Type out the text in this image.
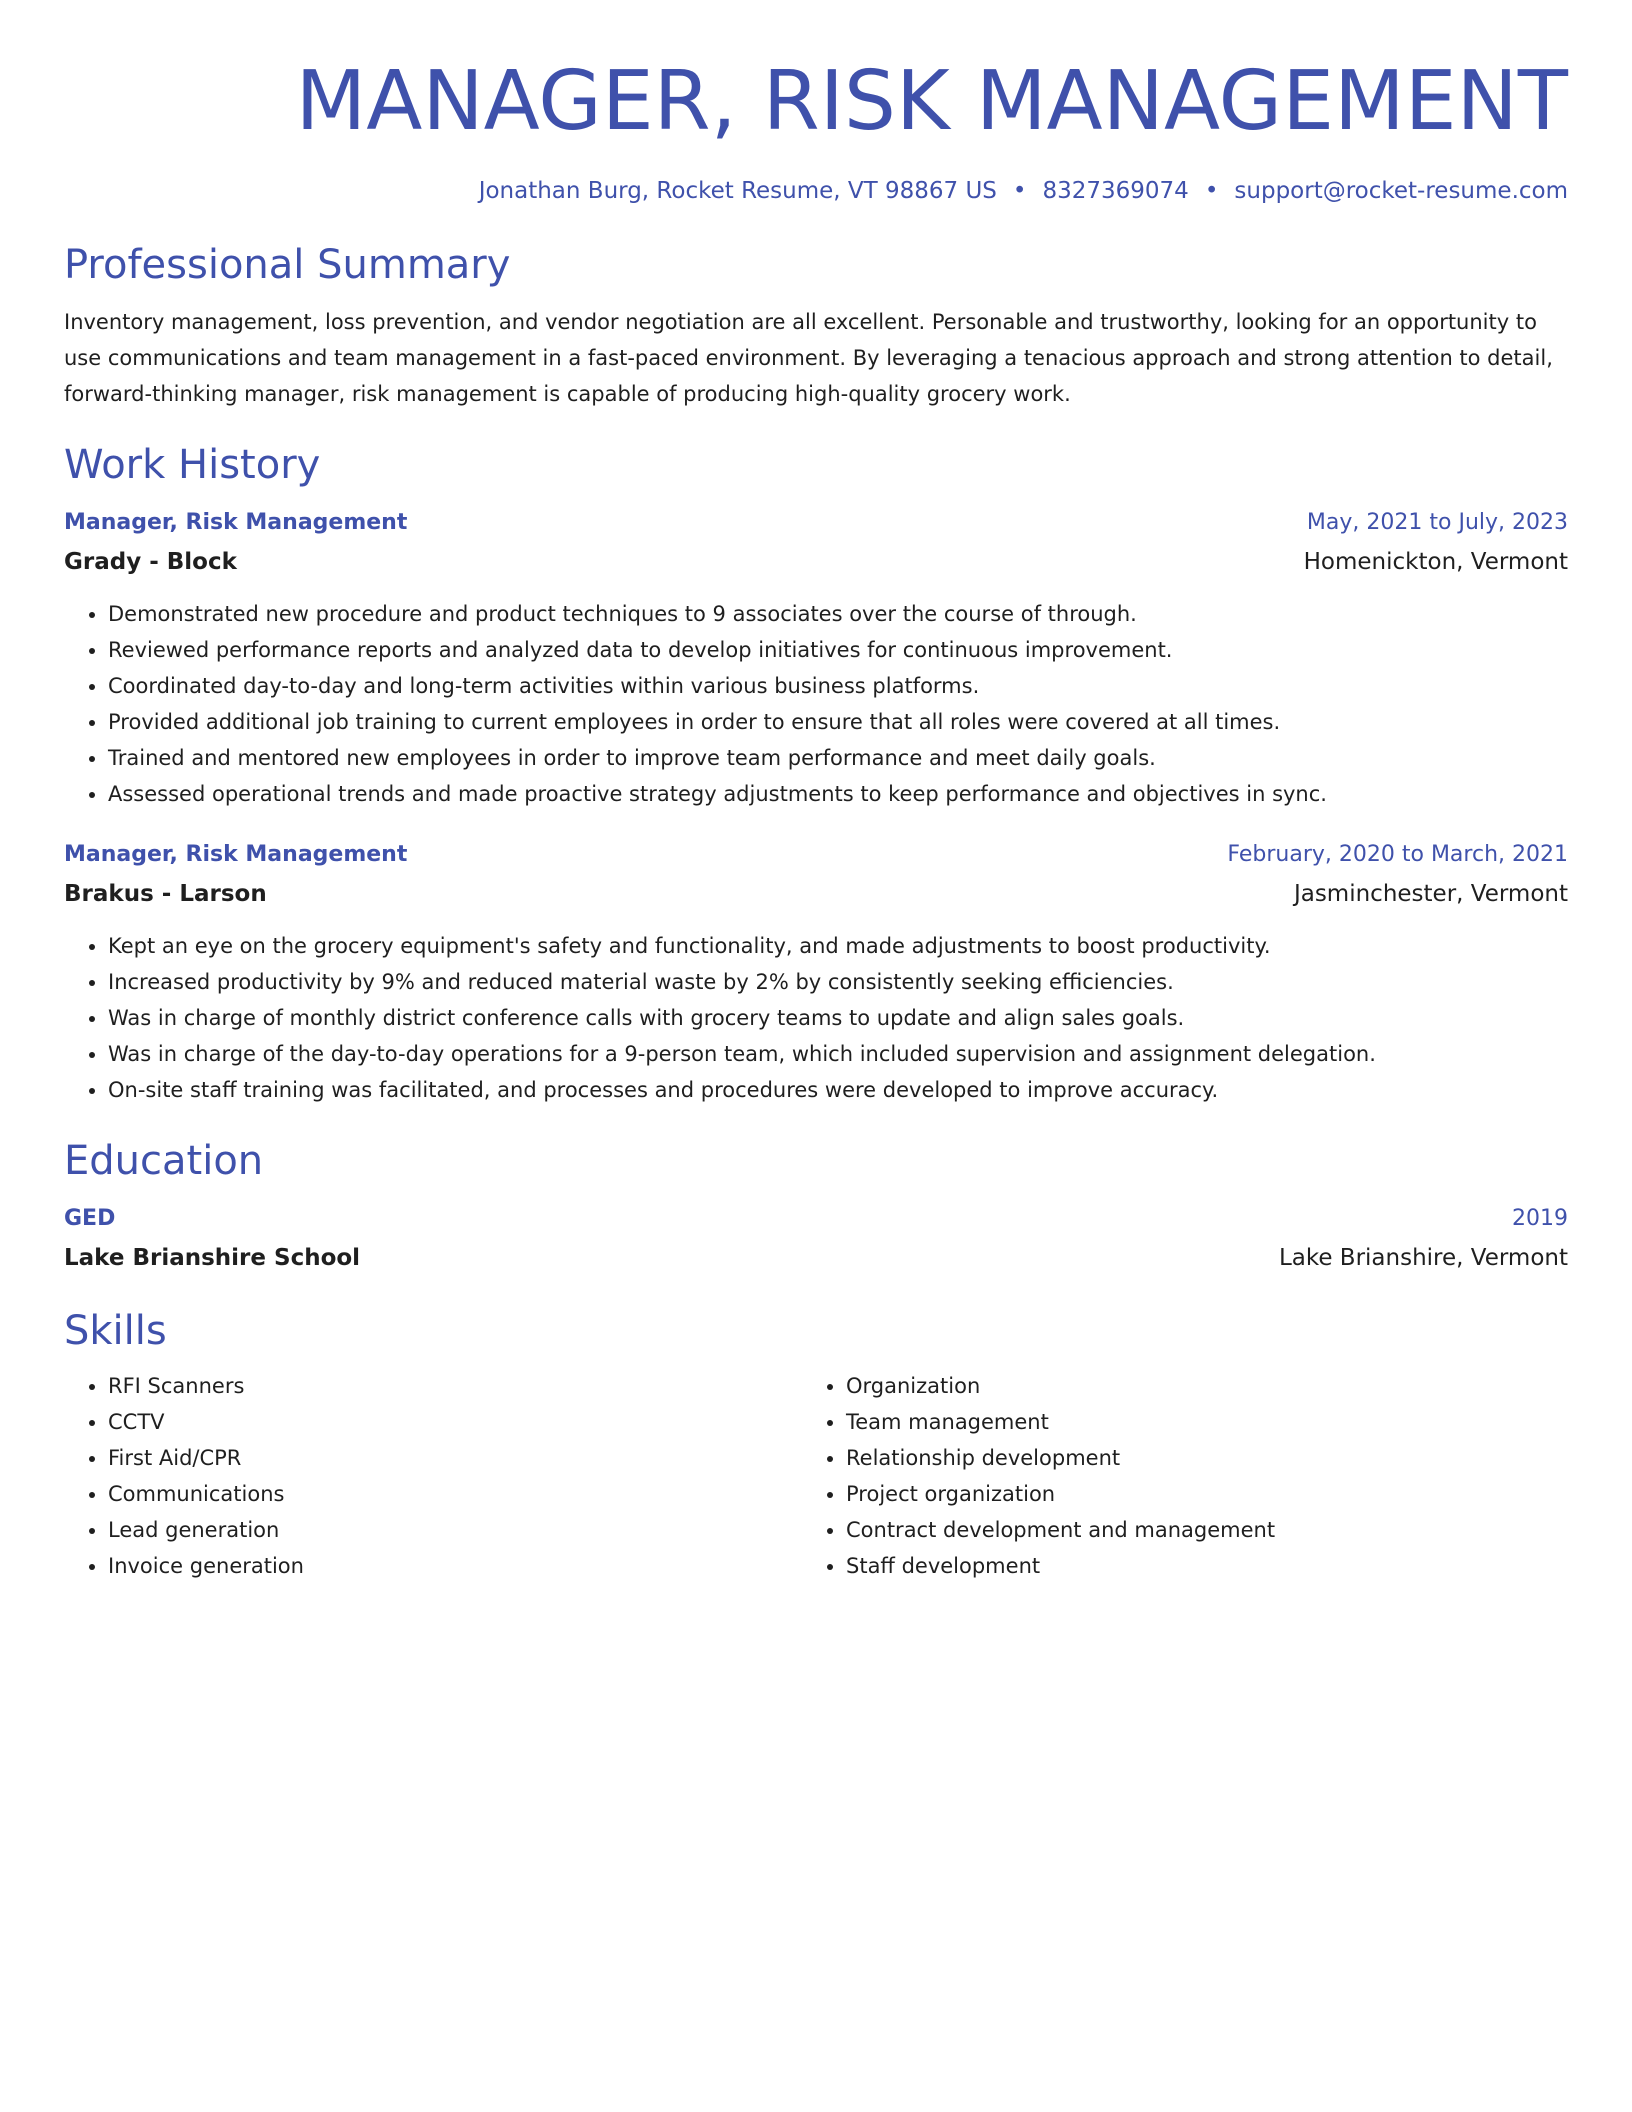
MANAGER, RISK MANAGEMENT
Jonathan Burg, Rocket Resume, VT 98867 US • 8327369074 • support@rocket-resume.com
Professional Summary

Inventory management, loss prevention, and vendor negotiation are all excellent. Personable and trustworthy, looking for an opportunity to use communications and team management in a fast-paced environment. By leveraging a tenacious approach and strong attention to detail, forward-thinking manager, risk management is capable of producing high-quality grocery work.

Work History
Manager, Risk Management	May, 2021 to July, 2023
Grady - Block	Homenickton, Vermont
• Demonstrated new procedure and product techniques to 9 associates over the course of through.
• Reviewed performance reports and analyzed data to develop initiatives for continuous improvement.
• Coordinated day-to-day and long-term activities within various business platforms.
• Provided additional job training to current employees in order to ensure that all roles were covered at all times.
• Trained and mentored new employees in order to improve team performance and meet daily goals.
• Assessed operational trends and made proactive strategy adjustments to keep performance and objectives in sync.
Manager, Risk Management	February, 2020 to March, 2021
Brakus - Larson	Jasminchester, Vermont
• Kept an eye on the grocery equipment's safety and functionality, and made adjustments to boost productivity.
• Increased productivity by 9% and reduced material waste by 2% by consistently seeking efficiencies.
• Was in charge of monthly district conference calls with grocery teams to update and align sales goals.
• Was in charge of the day-to-day operations for a 9-person team, which included supervision and assignment delegation.
• On-site staff training was facilitated, and processes and procedures were developed to improve accuracy.
Education
GED	2019
Lake Brianshire School	Lake Brianshire, Vermont
Skills
• RFI Scanners
• CCTV
• First Aid/CPR
• Communications
• Lead generation
• Invoice generation
• Organization
• Team management
• Relationship development
• Project organization
• Contract development and management
• Staff development
